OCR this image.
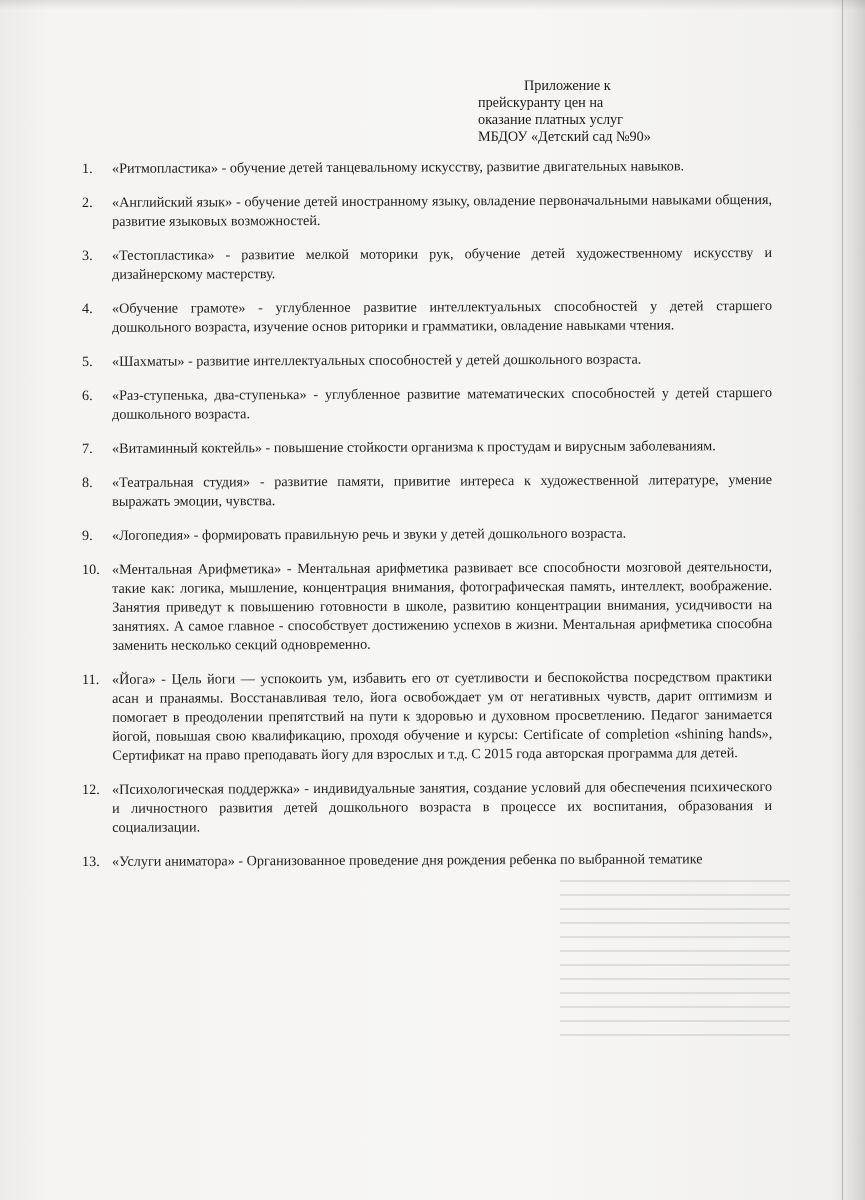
Приложение к
прейскуранту цен на
оказание платных услуг
МБДОУ «Детский сад №90»
1.	«Ритмопластика» - обучение детей танцевальному искусству, развитие двигательных навыков.
2.	«Английский язык» - обучение детей иностранному языку, овладение первоначальными навыками общения, развитие языковых возможностей.
3.	«Тестопластика» - развитие мелкой моторики рук, обучение детей художественному искусству и дизайнерскому мастерству.
4.	«Обучение грамоте» - углубленное развитие интеллектуальных способностей у детей старшего дошкольного возраста, изучение основ риторики и грамматики, овладение навыками чтения.
5.	«Шахматы» - развитие интеллектуальных способностей у детей дошкольного возраста.
6.	«Раз-ступенька, два-ступенька» - углубленное развитие математических способностей у детей старшего дошкольного возраста.
7.	«Витаминный коктейль» - повышение стойкости организма к простудам и вирусным заболеваниям.
8.	«Театральная студия» - развитие памяти, привитие интереса к художественной литературе, умение выражать эмоции, чувства.
9.	«Логопедия» - формировать правильную речь и звуки у детей дошкольного возраста.
10. «Ментальная Арифметика» - Ментальная арифметика развивает все способности мозговой деятельности, такие как: логика, мышление, концентрация внимания, фотографическая память, интеллект, воображение. Занятия приведут к повышению готовности в школе, развитию концентрации внимания, усидчивости на занятиях. А самое главное - способствует достижению успехов в жизни. Ментальная арифметика способна заменить несколько секций одновременно.
11. «Йога» - Цель йоги — успокоить ум, избавить его от суетливости и беспокойства посредством практики асан и пранаямы. Восстанавливая тело, йога освобождает ум от негативных чувств, дарит оптимизм и помогает в преодолении препятствий на пути к здоровью и духовном просветлению. Педагог занимается йогой, повышая свою квалификацию, проходя обучение и курсы: Certificate of completion «shining hands», Сертификат на право преподавать йогу для взрослых и т.д. С 2015 года авторская программа для детей.
12. «Психологическая поддержка» - индивидуальные занятия, создание условий для обеспечения психического и личностного развития детей дошкольного возраста в процессе их воспитания, образования и социализации.
13. «Услуги аниматора» - Организованное проведение дня рождения ребенка по выбранной тематике
